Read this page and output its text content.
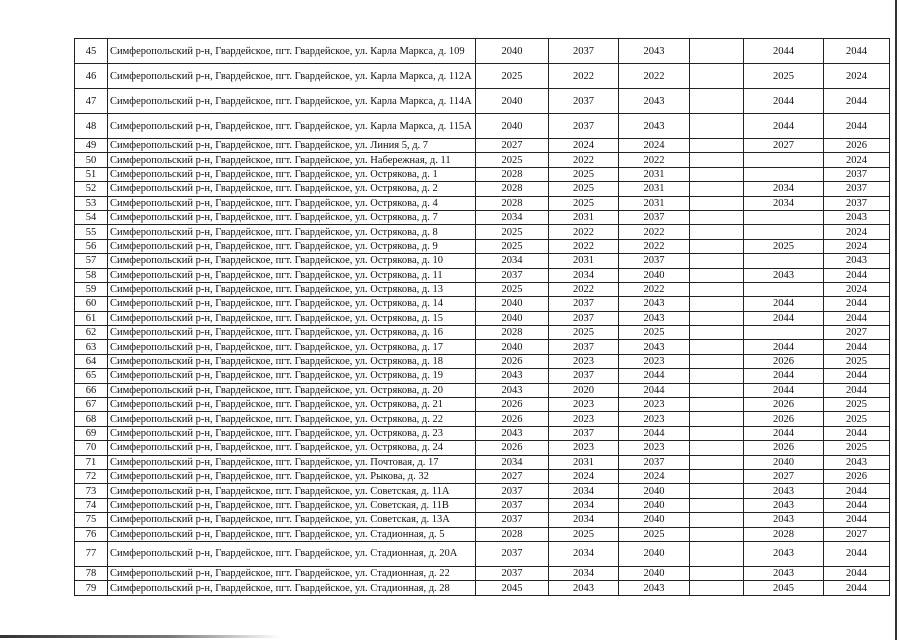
45	Симферопольский р-н, Гвардейское, пгт. Гвардейское, ул. Карла Маркса, д. 109	2040	2037	2043		2044	2044
46	Симферопольский р-н, Гвардейское, пгт. Гвардейское, ул. Карла Маркса, д. 112А	2025	2022	2022		2025	2024
47	Симферопольский р-н, Гвардейское, пгт. Гвардейское, ул. Карла Маркса, д. 114А	2040	2037	2043		2044	2044
48	Симферопольский р-н, Гвардейское, пгт. Гвардейское, ул. Карла Маркса, д. 115А	2040	2037	2043		2044	2044
49	Симферопольский р-н, Гвардейское, пгт. Гвардейское, ул. Линия 5, д. 7	2027	2024	2024		2027	2026
50	Симферопольский р-н, Гвардейское, пгт. Гвардейское, ул. Набережная, д. 11	2025	2022	2022			2024
51	Симферопольский р-н, Гвардейское, пгт. Гвардейское, ул. Острякова, д. 1	2028	2025	2031			2037
52	Симферопольский р-н, Гвардейское, пгт. Гвардейское, ул. Острякова, д. 2	2028	2025	2031		2034	2037
53	Симферопольский р-н, Гвардейское, пгт. Гвардейское, ул. Острякова, д. 4	2028	2025	2031		2034	2037
54	Симферопольский р-н, Гвардейское, пгт. Гвардейское, ул. Острякова, д. 7	2034	2031	2037			2043
55	Симферопольский р-н, Гвардейское, пгт. Гвардейское, ул. Острякова, д. 8	2025	2022	2022			2024
56	Симферопольский р-н, Гвардейское, пгт. Гвардейское, ул. Острякова, д. 9	2025	2022	2022		2025	2024
57	Симферопольский р-н, Гвардейское, пгт. Гвардейское, ул. Острякова, д. 10	2034	2031	2037			2043
58	Симферопольский р-н, Гвардейское, пгт. Гвардейское, ул. Острякова, д. 11	2037	2034	2040		2043	2044
59	Симферопольский р-н, Гвардейское, пгт. Гвардейское, ул. Острякова, д. 13	2025	2022	2022			2024
60	Симферопольский р-н, Гвардейское, пгт. Гвардейское, ул. Острякова, д. 14	2040	2037	2043		2044	2044
61	Симферопольский р-н, Гвардейское, пгт. Гвардейское, ул. Острякова, д. 15	2040	2037	2043		2044	2044
62	Симферопольский р-н, Гвардейское, пгт. Гвардейское, ул. Острякова, д. 16	2028	2025	2025			2027
63	Симферопольский р-н, Гвардейское, пгт. Гвардейское, ул. Острякова, д. 17	2040	2037	2043		2044	2044
64	Симферопольский р-н, Гвардейское, пгт. Гвардейское, ул. Острякова, д. 18	2026	2023	2023		2026	2025
65	Симферопольский р-н, Гвардейское, пгт. Гвардейское, ул. Острякова, д. 19	2043	2037	2044		2044	2044
66	Симферопольский р-н, Гвардейское, пгт. Гвардейское, ул. Острякова, д. 20	2043	2020	2044		2044	2044
67	Симферопольский р-н, Гвардейское, пгт. Гвардейское, ул. Острякова, д. 21	2026	2023	2023		2026	2025
68	Симферопольский р-н, Гвардейское, пгт. Гвардейское, ул. Острякова, д. 22	2026	2023	2023		2026	2025
69	Симферопольский р-н, Гвардейское, пгт. Гвардейское, ул. Острякова, д. 23	2043	2037	2044		2044	2044
70	Симферопольский р-н, Гвардейское, пгт. Гвардейское, ул. Острякова, д. 24	2026	2023	2023		2026	2025
71	Симферопольский р-н, Гвардейское, пгт. Гвардейское, ул. Почтовая, д. 17	2034	2031	2037		2040	2043
72	Симферопольский р-н, Гвардейское, пгт. Гвардейское, ул. Рыкова, д. 32	2027	2024	2024		2027	2026
73	Симферопольский р-н, Гвардейское, пгт. Гвардейское, ул. Советская, д. 11А	2037	2034	2040		2043	2044
74	Симферопольский р-н, Гвардейское, пгт. Гвардейское, ул. Советская, д. 11В	2037	2034	2040		2043	2044
75	Симферопольский р-н, Гвардейское, пгт. Гвардейское, ул. Советская, д. 13А	2037	2034	2040		2043	2044
76	Симферопольский р-н, Гвардейское, пгт. Гвардейское, ул. Стадионная, д. 5	2028	2025	2025		2028	2027
77	Симферопольский р-н, Гвардейское, пгт. Гвардейское, ул. Стадионная, д. 20А	2037	2034	2040		2043	2044
78	Симферопольский р-н, Гвардейское, пгт. Гвардейское, ул. Стадионная, д. 22	2037	2034	2040		2043	2044
79	Симферопольский р-н, Гвардейское, пгт. Гвардейское, ул. Стадионная, д. 28	2045	2043	2043		2045	2044
